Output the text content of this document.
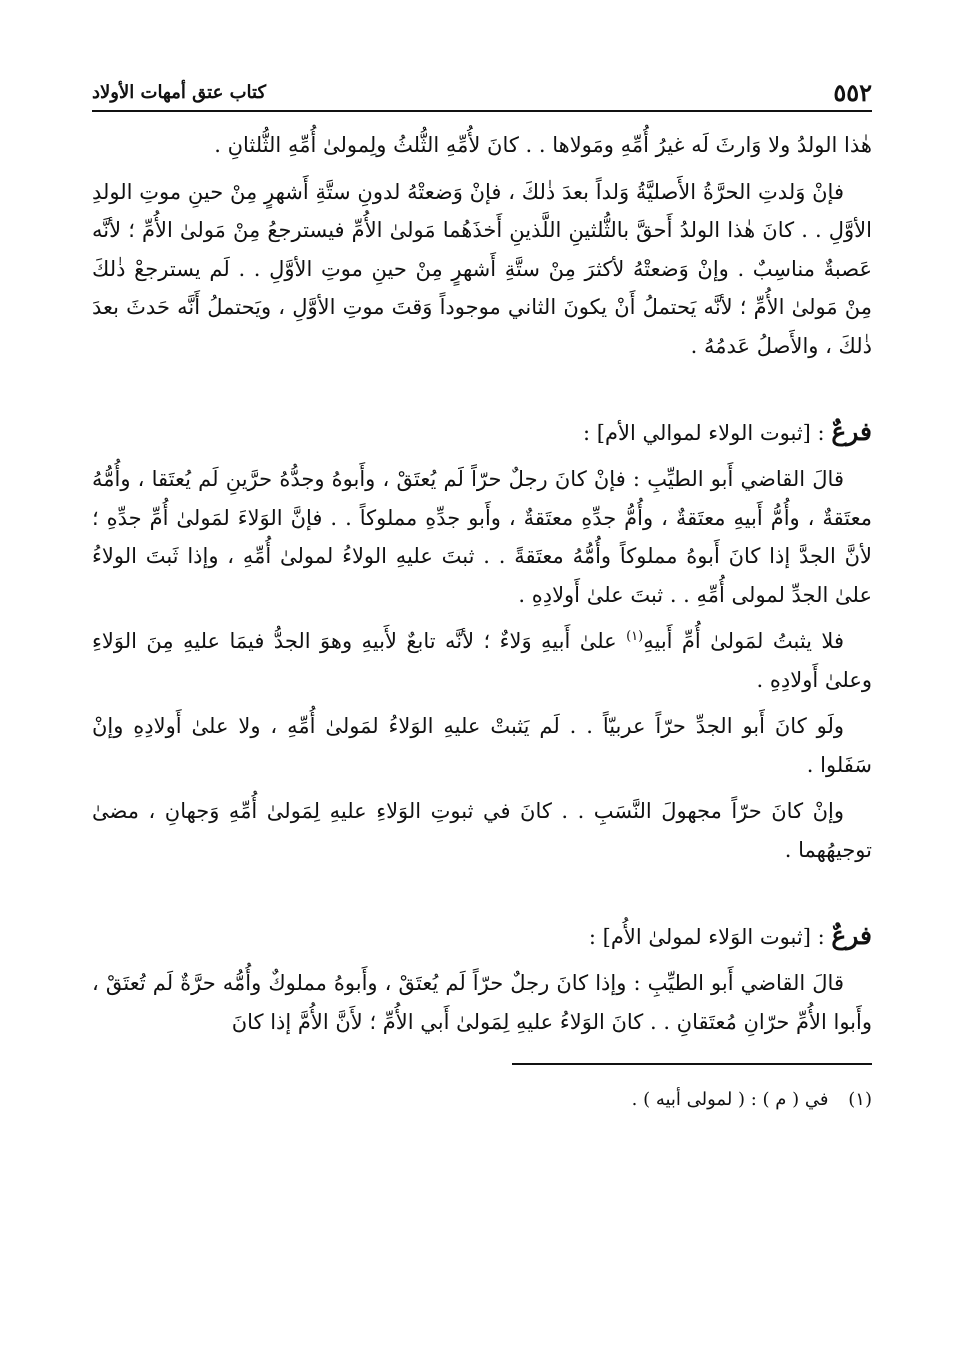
٥٥٢
كتاب عتق أمهات الأولاد

هٰذا الولدُ ولا وَارثَ لَه غيرُ أُمِّهِ ومَولاها . . كانَ لأُمِّهِ الثُّلثُ ولِمولىٰ أُمِّهِ الثُّلثانِ .

فإنْ وَلدتِ الحرَّةُ الأَصليَّةُ وَلداً بعدَ ذٰلكَ ، فإنْ وَضعتْهُ لدونِ ستَّةِ أَشهرٍ مِنْ حينِ موتِ الولدِ الأوَّلِ . . كانَ هٰذا الولدُ أَحقَّ بالثُّلثينِ اللَّذينِ أَخذَهُما مَولىٰ الأُمِّ فيسترجعُ مِنْ مَولىٰ الأُمِّ ؛ لأنَّه عَصبةٌ مناسِبٌ . وإنْ وَضعتْهُ لأكثرَ مِنْ ستَّةِ أَشهرٍ مِنْ حينِ موتِ الأوَّلِ . . لَم يسترجعْ ذٰلكَ مِنْ مَولىٰ الأُمِّ ؛ لأنَّه يَحتملُ أَنْ يكونَ الثاني موجوداً وَقتَ موتِ الأوَّلِ ، ويَحتملُ أَنَّه حَدثَ بعدَ ذٰلكَ ، والأَصلُ عَدمُهُ .

فرعٌ : [ثبوت الولاء لموالي الأم] :

قالَ القاضي أَبو الطيِّبِ : فإنْ كانَ رجلٌ حرّاً لَم يُعتَقْ ، وأَبوهُ وجدُّهُ حرَّينِ لَم يُعتَقا ، وأُمُّهُ معتَقةٌ ، وأُمُّ أَبيهِ معتَقةٌ ، وأُمُّ جدِّهِ معتَقةٌ ، وأَبو جدِّهِ مملوكاً . . فإنَّ الوَلاءَ لمَولىٰ أُمِّ جدِّهِ ؛ لأنَّ الجدَّ إذا كانَ أَبوهُ مملوكاً وأُمُّهُ معتَقةً . . ثبتَ عليهِ الولاءُ لمولىٰ أُمِّهِ ، وإذا ثَبتَ الولاءُ علىٰ الجدِّ لمولى أُمِّهِ . . ثبتَ علىٰ أَولادِهِ .

فلا يثبتُ لمَولىٰ أُمِّ أَبيهِ$^{(١)}$ علىٰ أَبيهِ وَلاءٌ ؛ لأنَّه تابعٌ لأَبيهِ وهوَ الجدُّ فيمَا عليهِ مِنَ الوَلاءِ وعلىٰ أَولادِهِ .

ولَو كانَ أَبو الجدِّ حرّاً عربيّاً . . لَم يَثبتْ عليهِ الوَلاءُ لمَولىٰ أُمِّهِ ، ولا علىٰ أَولادِهِ وإنْ سَفَلوا .

وإنْ كانَ حرّاً مجهولَ النَّسَبِ . . كانَ في ثبوتِ الوَلاءِ عليهِ لِمَولىٰ أُمِّهِ وَجهانِ ، مضىٰ توجيهُهما .

فرعٌ : [ثبوت الوَلاء لمولىٰ الأُم] :

قالَ القاضي أَبو الطيِّبِ : وإذا كانَ رجلٌ حرّاً لَم يُعتَقْ ، وأَبوهُ مملوكٌ وأُمُّه حرَّةٌ لَم تُعتَقْ ، وأَبوا الأُمِّ حرّانِ مُعتَقانِ . . كانَ الوَلاءُ عليهِ لِمَولىٰ أَبي الأُمِّ ؛ لأَنَّ الأُمَّ إذا كانَ

(١) في ( م ) : ( لمولى أبيه ) .
